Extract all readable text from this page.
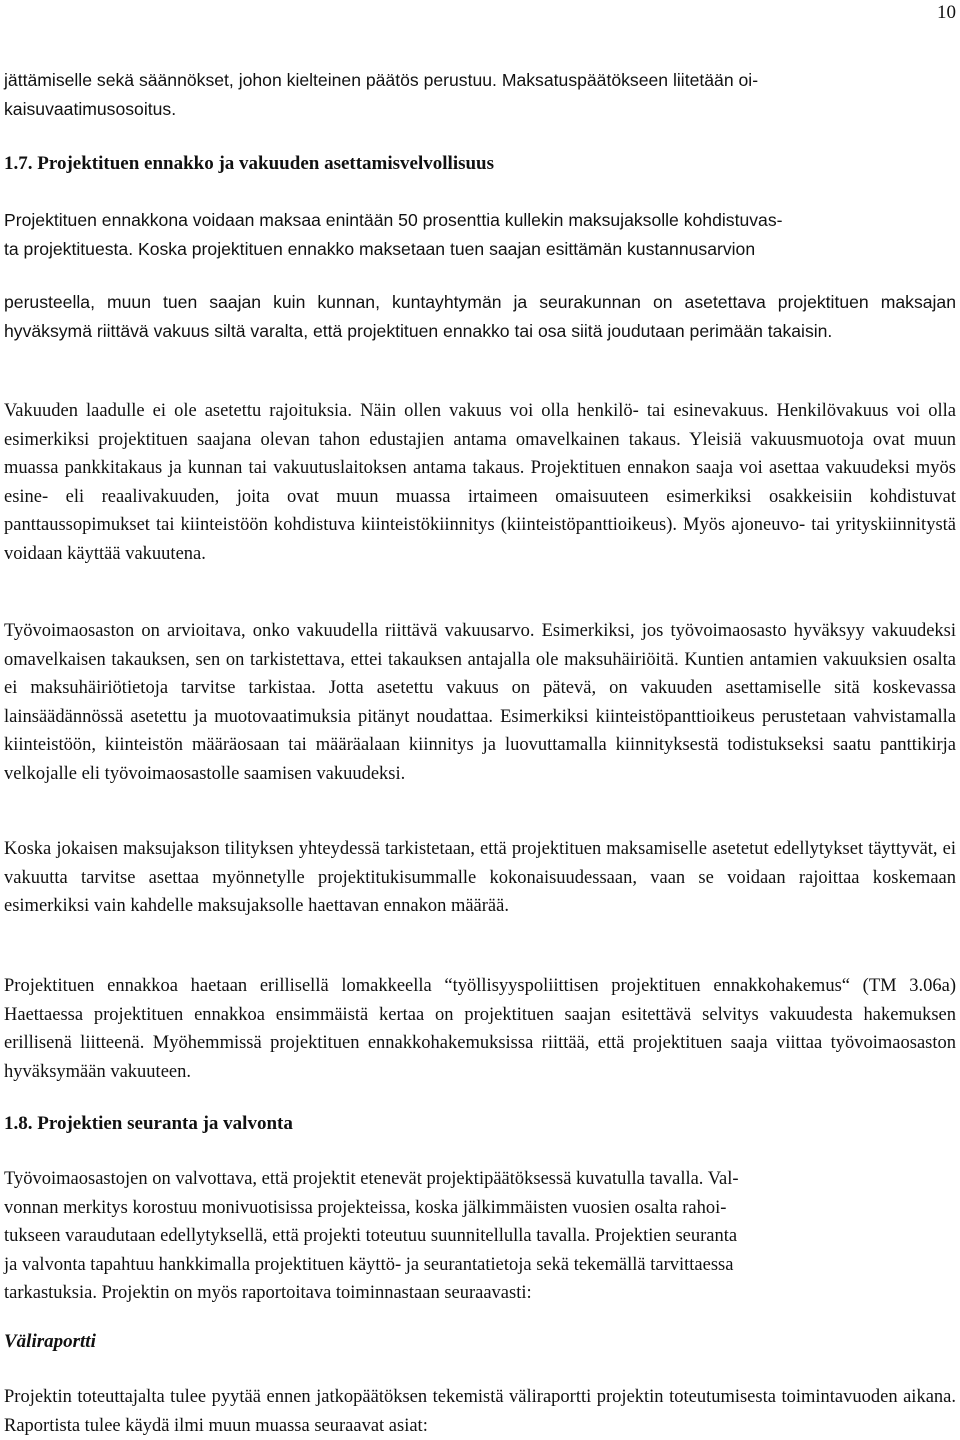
10

jättämiselle sekä säännökset, johon kielteinen päätös perustuu. Maksatuspäätökseen liitetään oi-
kaisuvaatimusosoitus.

1.7. Projektituen ennakko ja vakuuden asettamisvelvollisuus

Projektituen ennakkona voidaan maksaa enintään 50 prosenttia kullekin maksujaksolle kohdistuvas-
ta projektituesta. Koska projektituen ennakko maksetaan tuen saajan esittämän kustannusarvion

perusteella, muun tuen saajan kuin kunnan, kuntayhtymän ja seurakunnan on asetettava projektituen maksajan hyväksymä riittävä vakuus siltä varalta, että projektituen ennakko tai osa siitä joudutaan perimään takaisin.

Vakuuden laadulle ei ole asetettu rajoituksia. Näin ollen vakuus voi olla henkilö- tai esinevakuus. Henkilövakuus voi olla esimerkiksi projektituen saajana olevan tahon edustajien antama omavelkainen takaus. Yleisiä vakuusmuotoja ovat muun muassa pankkitakaus ja kunnan tai vakuutuslaitoksen antama takaus. Projektituen ennakon saaja voi asettaa vakuudeksi myös esine- eli reaalivakuuden, joita ovat muun muassa irtaimeen omaisuuteen esimerkiksi osakkeisiin kohdistuvat panttaussopimukset tai kiinteistöön kohdistuva kiinteistökiinnitys (kiinteistöpanttioikeus). Myös ajoneuvo- tai yrityskiinnitystä voidaan käyttää vakuutena.

Työvoimaosaston on arvioitava, onko vakuudella riittävä vakuusarvo. Esimerkiksi, jos työvoimaosasto hyväksyy vakuudeksi omavelkaisen takauksen, sen on tarkistettava, ettei takauksen antajalla ole maksuhäiriöitä. Kuntien antamien vakuuksien osalta ei maksuhäiriötietoja tarvitse tarkistaa. Jotta asetettu vakuus on pätevä, on vakuuden asettamiselle sitä koskevassa lainsäädännössä asetettu ja muotovaatimuksia pitänyt noudattaa. Esimerkiksi kiinteistöpanttioikeus perustetaan vahvistamalla kiinteistöön, kiinteistön määräosaan tai määräalaan kiinnitys ja luovuttamalla kiinnityksestä todistukseksi saatu panttikirja velkojalle eli työvoimaosastolle saamisen vakuudeksi.

Koska jokaisen maksujakson tilityksen yhteydessä tarkistetaan, että projektituen maksamiselle asetetut edellytykset täyttyvät, ei vakuutta tarvitse asettaa myönnetylle projektitukisummalle kokonaisuudessaan, vaan se voidaan rajoittaa koskemaan esimerkiksi vain kahdelle maksujaksolle haettavan ennakon määrää.

Projektituen ennakkoa haetaan erillisellä lomakkeella “työllisyyspoliittisen projektituen ennakkohakemus“ (TM 3.06a) Haettaessa projektituen ennakkoa ensimmäistä kertaa on projektituen saajan esitettävä selvitys vakuudesta hakemuksen erillisenä liitteenä. Myöhemmissä projektituen ennakkohakemuksissa riittää, että projektituen saaja viittaa työvoimaosaston hyväksymään vakuuteen.

1.8. Projektien seuranta ja valvonta

Työvoimaosastojen on valvottava, että projektit etenevät projektipäätöksessä kuvatulla tavalla. Val-
vonnan merkitys korostuu monivuotisissa projekteissa, koska jälkimmäisten vuosien osalta rahoi-
tukseen varaudutaan edellytyksellä, että projekti toteutuu suunnitellulla tavalla. Projektien seuranta
ja valvonta tapahtuu hankkimalla projektituen käyttö- ja seurantatietoja sekä tekemällä tarvittaessa
tarkastuksia. Projektin on myös raportoitava toiminnastaan seuraavasti:

Väliraportti

Projektin toteuttajalta tulee pyytää ennen jatkopäätöksen tekemistä väliraportti projektin toteutumisesta toimintavuoden aikana. Raportista tulee käydä ilmi muun muassa seuraavat asiat:
